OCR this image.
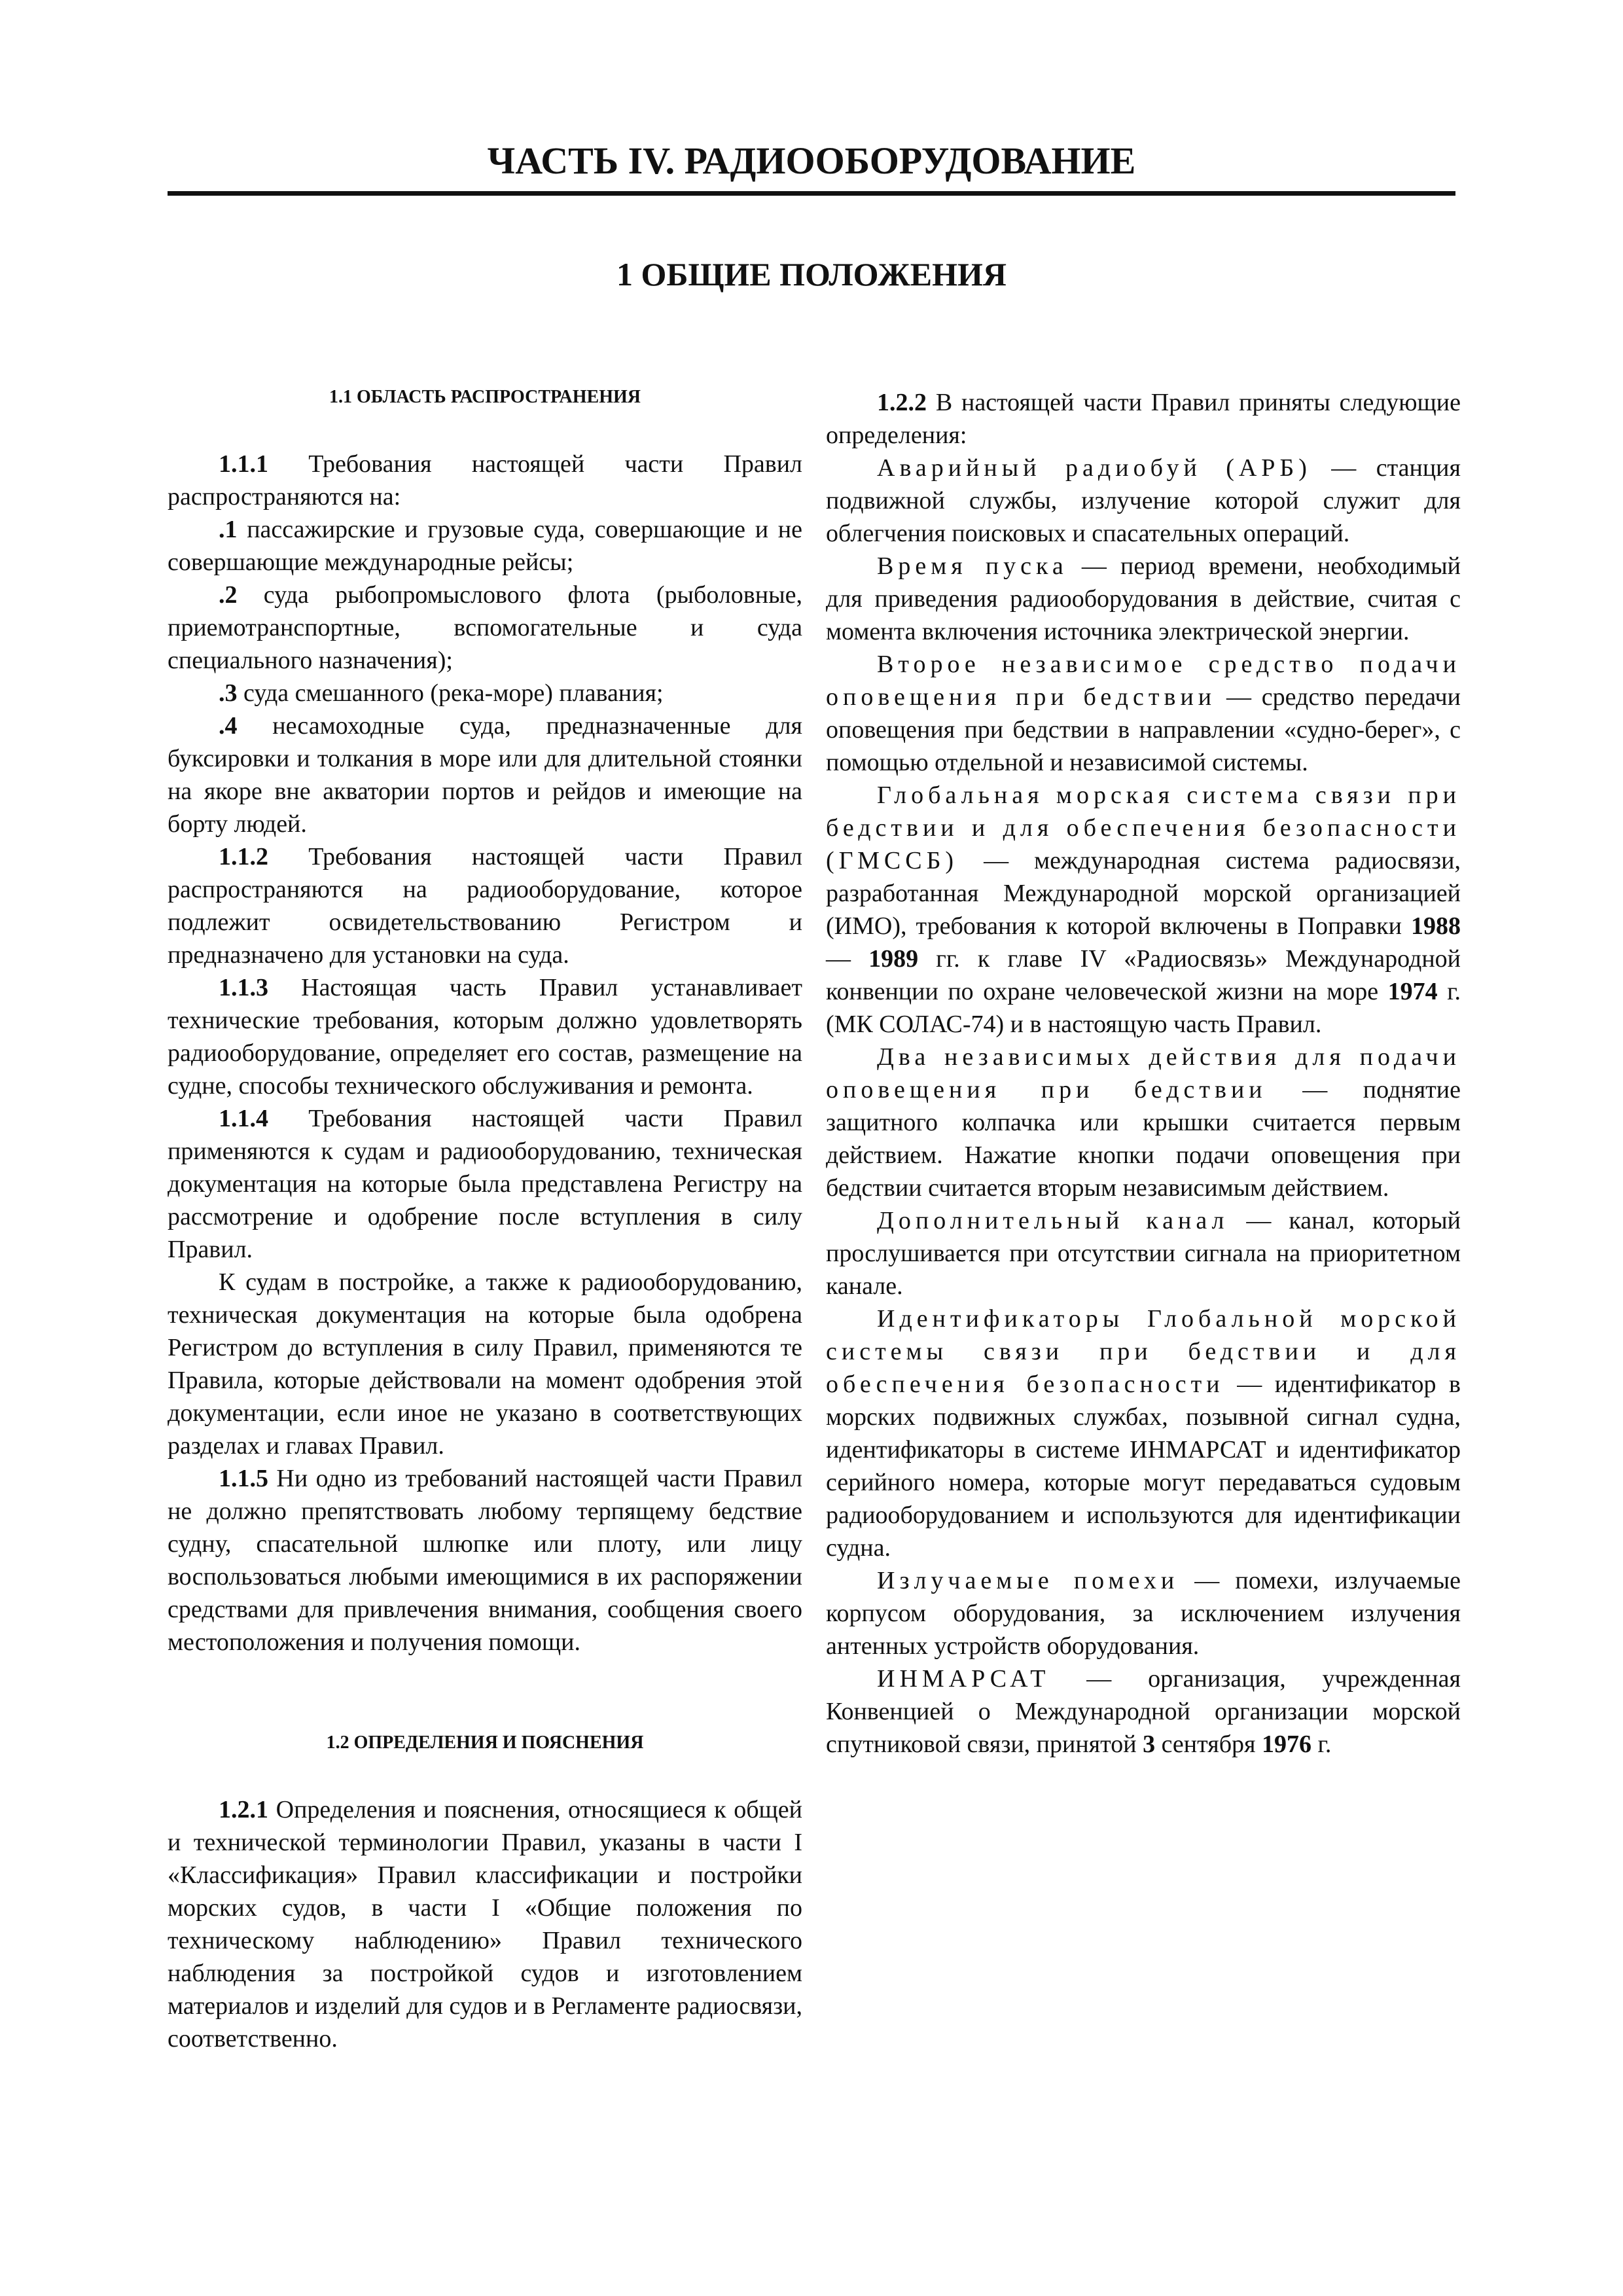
ЧАСТЬ IV. РАДИООБОРУДОВАНИЕ
1 ОБЩИЕ ПОЛОЖЕНИЯ
1.1 ОБЛАСТЬ РАСПРОСТРАНЕНИЯ

1.1.1 Требования настоящей части Правил распространяются на:

.1 пассажирские и грузовые суда, совершающие и не совершающие международные рейсы;

.2 суда рыбопромыслового флота (рыболовные, приемотранспортные, вспомогательные и суда специального назначения);

.3 суда смешанного (река-море) плавания;

.4 несамоходные суда, предназначенные для буксировки и толкания в море или для длительной стоянки на якоре вне акватории портов и рейдов и имеющие на борту людей.

1.1.2 Требования настоящей части Правил распространяются на радиооборудование, которое подлежит освидетельствованию Регистром и предназначено для установки на суда.

1.1.3 Настоящая часть Правил устанавливает технические требования, которым должно удовлетворять радиооборудование, определяет его состав, размещение на судне, способы технического обслуживания и ремонта.

1.1.4 Требования настоящей части Правил применяются к судам и радиооборудованию, техническая документация на которые была представлена Регистру на рассмотрение и одобрение после вступления в силу Правил.

К судам в постройке, а также к радиооборудованию, техническая документация на которые была одобрена Регистром до вступления в силу Правил, применяются те Правила, которые действовали на момент одобрения этой документации, если иное не указано в соответствующих разделах и главах Правил.

1.1.5 Ни одно из требований настоящей части Правил не должно препятствовать любому терпящему бедствие судну, спасательной шлюпке или плоту, или лицу воспользоваться любыми имеющимися в их распоряжении средствами для привлечения внимания, сообщения своего местоположения и получения помощи.

1.2 ОПРЕДЕЛЕНИЯ И ПОЯСНЕНИЯ

1.2.1 Определения и пояснения, относящиеся к общей и технической терминологии Правил, указаны в части I «Классификация» Правил классификации и постройки морских судов, в части I «Общие положения по техническому наблюдению» Правил технического наблюдения за постройкой судов и изготовлением материалов и изделий для судов и в Регламенте радиосвязи, соответственно.

1.2.2 В настоящей части Правил приняты следующие определения:

Аварийный радиобуй (АРБ) — станция подвижной службы, излучение которой служит для облегчения поисковых и спасательных операций.

Время пуска — период времени, необходимый для приведения радиооборудования в действие, считая с момента включения источника электрической энергии.

Второе независимое средство подачи оповещения при бедствии — средство передачи оповещения при бедствии в направлении «судно-берег», с помощью отдельной и независимой системы.

Глобальная морская система связи при бедствии и для обеспечения безопасности (ГМССБ) — международная система радиосвязи, разработанная Международной морской организацией (ИМО), требования к которой включены в Поправки 1988 — 1989 гг. к главе IV «Радиосвязь» Международной конвенции по охране человеческой жизни на море 1974 г. (МК СОЛАС-74) и в настоящую часть Правил.

Два независимых действия для подачи оповещения при бедствии — поднятие защитного колпачка или крышки считается первым действием. Нажатие кнопки подачи оповещения при бедствии считается вторым независимым действием.

Дополнительный канал — канал, который прослушивается при отсутствии сигнала на приоритетном канале.

Идентификаторы Глобальной морской системы связи при бедствии и для обеспечения безопасности — идентификатор в морских подвижных службах, позывной сигнал судна, идентификаторы в системе ИНМАРСАТ и идентификатор серийного номера, которые могут передаваться судовым радиооборудованием и используются для идентификации судна.

Излучаемые помехи — помехи, излучаемые корпусом оборудования, за исключением излучения антенных устройств оборудования.

ИНМАРСАТ — организация, учрежденная Конвенцией о Международной организации морской спутниковой связи, принятой 3 сентября 1976 г.
